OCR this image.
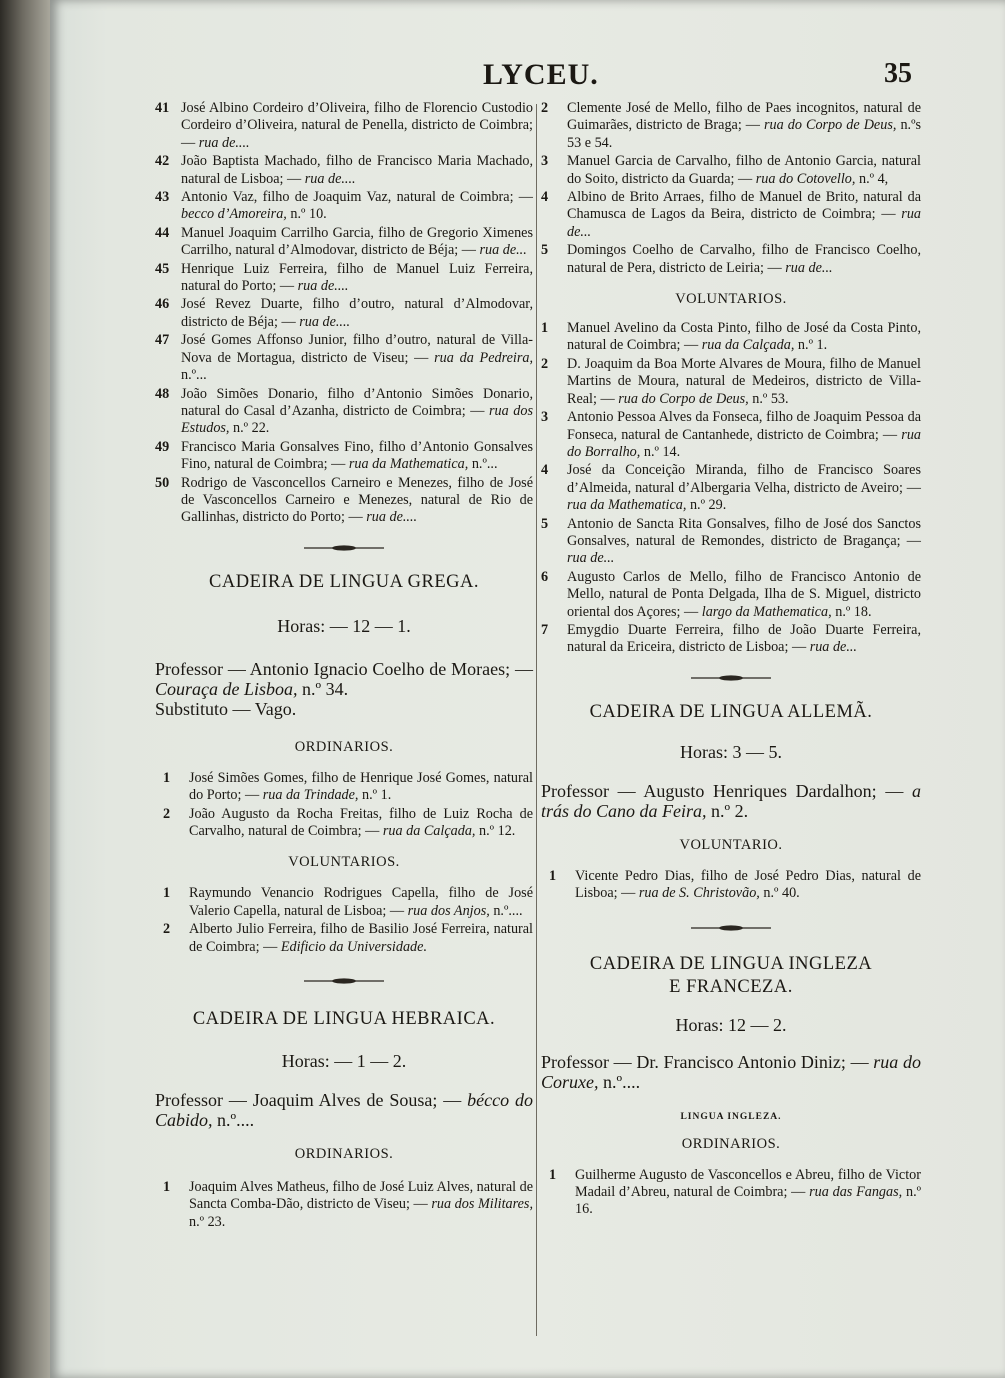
LYCEU.	35

41 José Albino Cordeiro d’Oliveira, filho de Florencio Custodio Cordeiro d’Oliveira, natural de Penella, districto de Coimbra; — rua de....

42 João Baptista Machado, filho de Francisco Maria Machado, natural de Lisboa; — rua de....

43 Antonio Vaz, filho de Joaquim Vaz, natural de Coimbra; — becco d’Amoreira, n.º 10.

44 Manuel Joaquim Carrilho Garcia, filho de Gregorio Ximenes Carrilho, natural d’Almodovar, districto de Béja; — rua de...

45 Henrique Luiz Ferreira, filho de Manuel Luiz Ferreira, natural do Porto; — rua de....

46 José Revez Duarte, filho d’outro, natural d’Almodovar, districto de Béja; — rua de....

47 José Gomes Affonso Junior, filho d’outro, natural de Villa-Nova de Mortagua, districto de Viseu; — rua da Pedreira, n.º...

48 João Simões Donario, filho d’Antonio Simões Donario, natural do Casal d’Azanha, districto de Coimbra; — rua dos Estudos, n.º 22.

49 Francisco Maria Gonsalves Fino, filho d’Antonio Gonsalves Fino, natural de Coimbra; — rua da Mathematica, n.º...

50 Rodrigo de Vasconcellos Carneiro e Menezes, filho de José de Vasconcellos Carneiro e Menezes, natural de Rio de Gallinhas, districto do Porto; — rua de....

CADEIRA DE LINGUA GREGA.

Horas: — 12 — 1.

Professor — Antonio Ignacio Coelho de Moraes; — Couraça de Lisboa, n.º 34.

Substituto — Vago.

ORDINARIOS.

1 José Simões Gomes, filho de Henrique José Gomes, natural do Porto; — rua da Trindade, n.º 1.

2 João Augusto da Rocha Freitas, filho de Luiz Rocha de Carvalho, natural de Coimbra; — rua da Calçada, n.º 12.

VOLUNTARIOS.

1 Raymundo Venancio Rodrigues Capella, filho de José Valerio Capella, natural de Lisboa; — rua dos Anjos, n.º....

2 Alberto Julio Ferreira, filho de Basilio José Ferreira, natural de Coimbra; — Edificio da Universidade.

CADEIRA DE LINGUA HEBRAICA.

Horas: — 1 — 2.

Professor — Joaquim Alves de Sousa; — bécco do Cabido, n.º....

ORDINARIOS.

1 Joaquim Alves Matheus, filho de José Luiz Alves, natural de Sancta Comba-Dão, districto de Viseu; — rua dos Militares, n.º 23.

2 Clemente José de Mello, filho de Paes incognitos, natural de Guimarães, districto de Braga; — rua do Corpo de Deus, n.ºs 53 e 54.

3 Manuel Garcia de Carvalho, filho de Antonio Garcia, natural do Soito, districto da Guarda; — rua do Cotovello, n.º 4,

4 Albino de Brito Arraes, filho de Manuel de Brito, natural da Chamusca de Lagos da Beira, districto de Coimbra; — rua de...

5 Domingos Coelho de Carvalho, filho de Francisco Coelho, natural de Pera, districto de Leiria; — rua de...

VOLUNTARIOS.

1 Manuel Avelino da Costa Pinto, filho de José da Costa Pinto, natural de Coimbra; — rua da Calçada, n.º 1.

2 D. Joaquim da Boa Morte Alvares de Moura, filho de Manuel Martins de Moura, natural de Medeiros, districto de Villa-Real; — rua do Corpo de Deus, n.º 53.

3 Antonio Pessoa Alves da Fonseca, filho de Joaquim Pessoa da Fonseca, natural de Cantanhede, districto de Coimbra; — rua do Borralho, n.º 14.

4 José da Conceição Miranda, filho de Francisco Soares d’Almeida, natural d’Albergaria Velha, districto de Aveiro; — rua da Mathematica, n.º 29.

5 Antonio de Sancta Rita Gonsalves, filho de José dos Sanctos Gonsalves, natural de Remondes, districto de Bragança; — rua de...

6 Augusto Carlos de Mello, filho de Francisco Antonio de Mello, natural de Ponta Delgada, Ilha de S. Miguel, districto oriental dos Açores; — largo da Mathematica, n.º 18.

7 Emygdio Duarte Ferreira, filho de João Duarte Ferreira, natural da Ericeira, districto de Lisboa; — rua de...

CADEIRA DE LINGUA ALLEMÃ.

Horas: 3 — 5.

Professor — Augusto Henriques Dardalhon; — a trás do Cano da Feira, n.º 2.

VOLUNTARIO.

1 Vicente Pedro Dias, filho de José Pedro Dias, natural de Lisboa; — rua de S. Christovão, n.º 40.

CADEIRA DE LINGUA INGLEZA

E FRANCEZA.

Horas: 12 — 2.

Professor — Dr. Francisco Antonio Diniz; — rua do Coruxe, n.º....

LINGUA INGLEZA.

ORDINARIOS.

1 Guilherme Augusto de Vasconcellos e Abreu, filho de Victor Madail d’Abreu, natural de Coimbra; — rua das Fangas, n.º 16.
